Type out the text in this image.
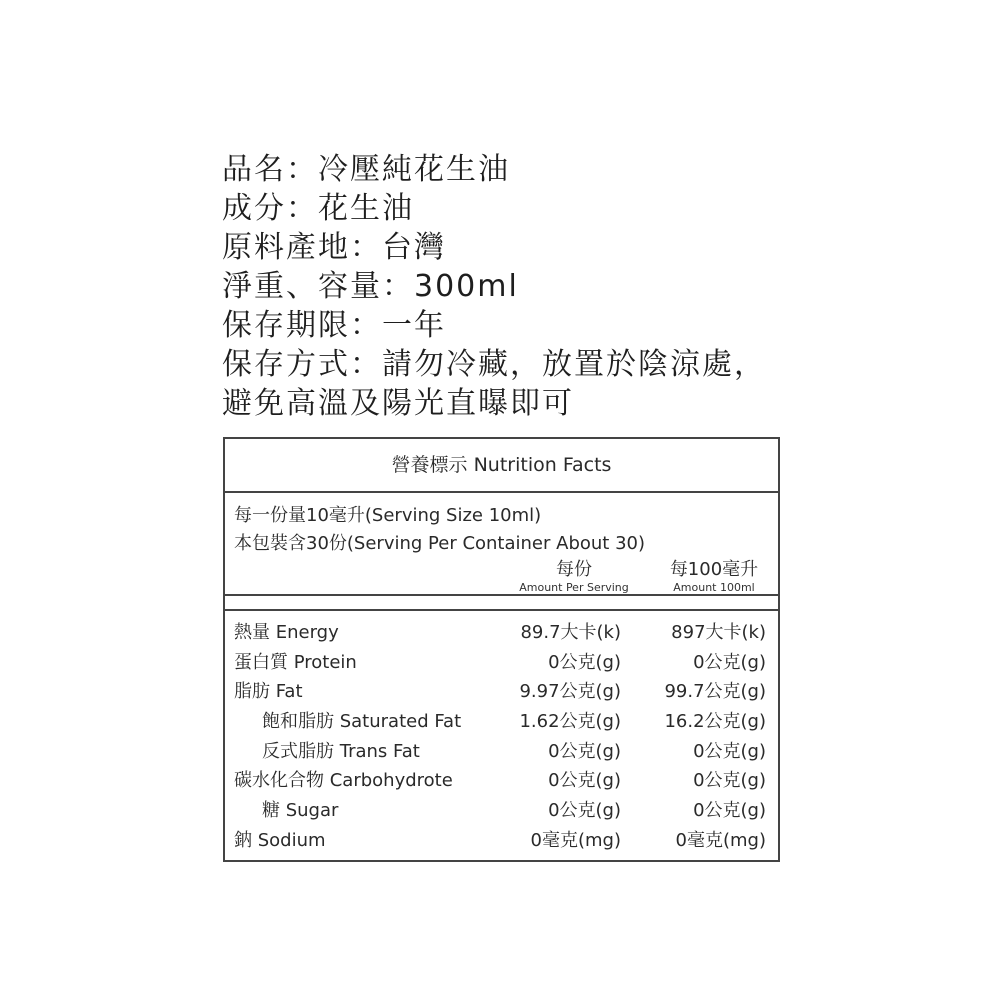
品名：冷壓純花生油
成分：花生油
原料產地：台灣
淨重、容量：300ml
保存期限：一年
保存方式：請勿冷藏，放置於陰涼處，
避免高溫及陽光直曝即可
營養標示 Nutrition Facts
每一份量10毫升(Serving Size 10ml)
本包裝含30份(Serving Per Container About 30)
每份
Amount Per Serving
每100毫升
Amount 100ml
熱量 Energy	89.7大卡(k)	897大卡(k)
蛋白質 Protein	0公克(g)	0公克(g)
脂肪 Fat	9.97公克(g) 99.7公克(g)
飽和脂肪 Saturated Fat	1.62公克(g) 16.2公克(g)
反式脂肪 Trans Fat	0公克(g)	0公克(g)
碳水化合物 Carbohydrote	0公克(g)	0公克(g)
糖 Sugar	0公克(g)	0公克(g)
鈉 Sodium	0毫克(mg)	0毫克(mg)
